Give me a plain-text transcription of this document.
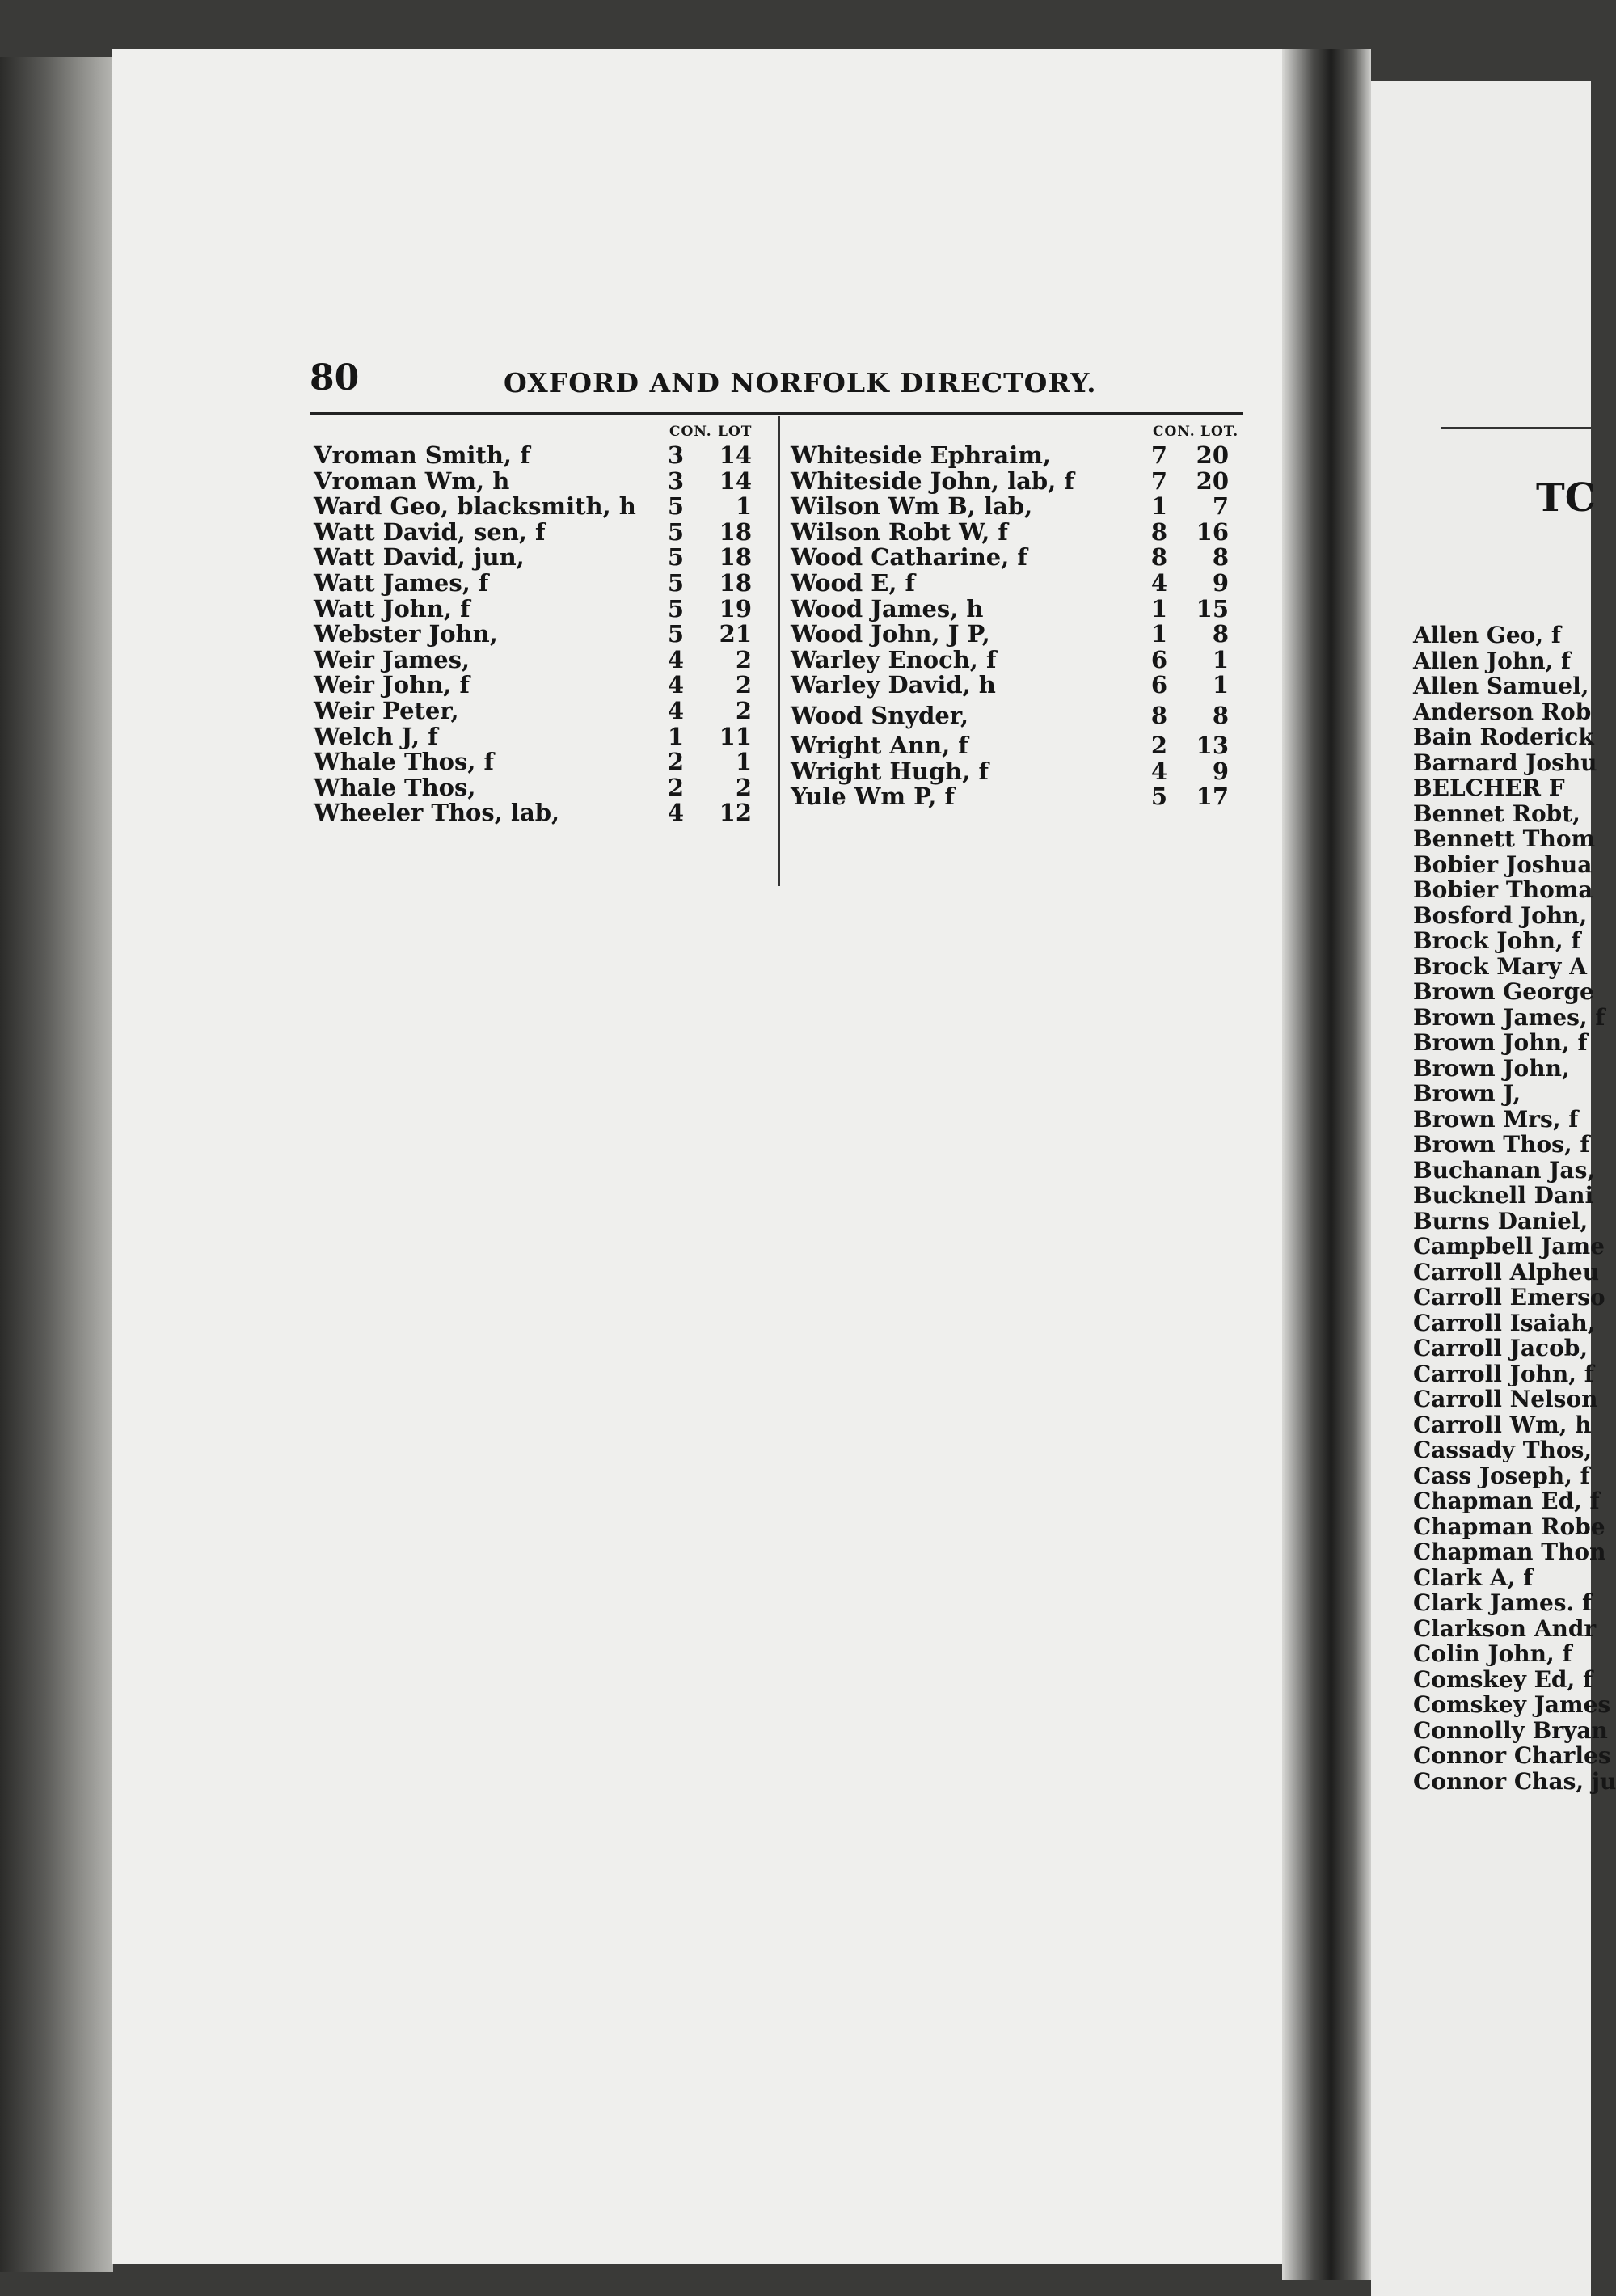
80	OXFORD AND NORFOLK DIRECTORY.
CON. LOT
Vroman Smith, f	3	14
Vroman Wm, h	3	14
Ward Geo, blacksmith, h	5	1
Watt David, sen, f	5	18
Watt David, jun,	5	18
Watt James, f	5	18
Watt John, f	5	19
Webster John,	5	21
Weir James,	4	2
Weir John, f	4	2
Weir Peter,	4	2
Welch J, f	1	11
Whale Thos, f	2	1
Whale Thos,	2	2
Wheeler Thos, lab,	4	12
CON. LOT.
Whiteside Ephraim,	7	20
Whiteside John, lab, f	7	20
Wilson Wm B, lab,	1	7
Wilson Robt W, f	8	16
Wood Catharine, f	8	8
Wood E, f	4	9
Wood James, h	1	15
Wood John, J P,	1	8
Warley Enoch, f	6	1
Warley David, h	6	1
Wood Snyder,	8	8
Wright Ann, f	2	13
Wright Hugh, f	4	9
Yule Wm P, f	5	17
TC
Allen Geo, f
Allen John, f
Allen Samuel,
Anderson Rob
Bain Roderick
Barnard Joshu
BELCHER F
Bennet Robt,
Bennett Thom
Bobier Joshua
Bobier Thoma
Bosford John,
Brock John, f
Brock Mary A
Brown George
Brown James, f
Brown John, f
Brown John,
Brown J,
Brown Mrs, f
Brown Thos, f
Buchanan Jas,
Bucknell Dani
Burns Daniel,
Campbell Jame
Carroll Alpheu
Carroll Emerso
Carroll Isaiah,
Carroll Jacob,
Carroll John, f
Carroll Nelson
Carroll Wm, h
Cassady Thos,
Cass Joseph, f
Chapman Ed, f
Chapman Robe
Chapman Thon
Clark A, f
Clark James. f
Clarkson Andr
Colin John, f
Comskey Ed, f
Comskey James
Connolly Bryan
Connor Charles
Connor Chas, ju
